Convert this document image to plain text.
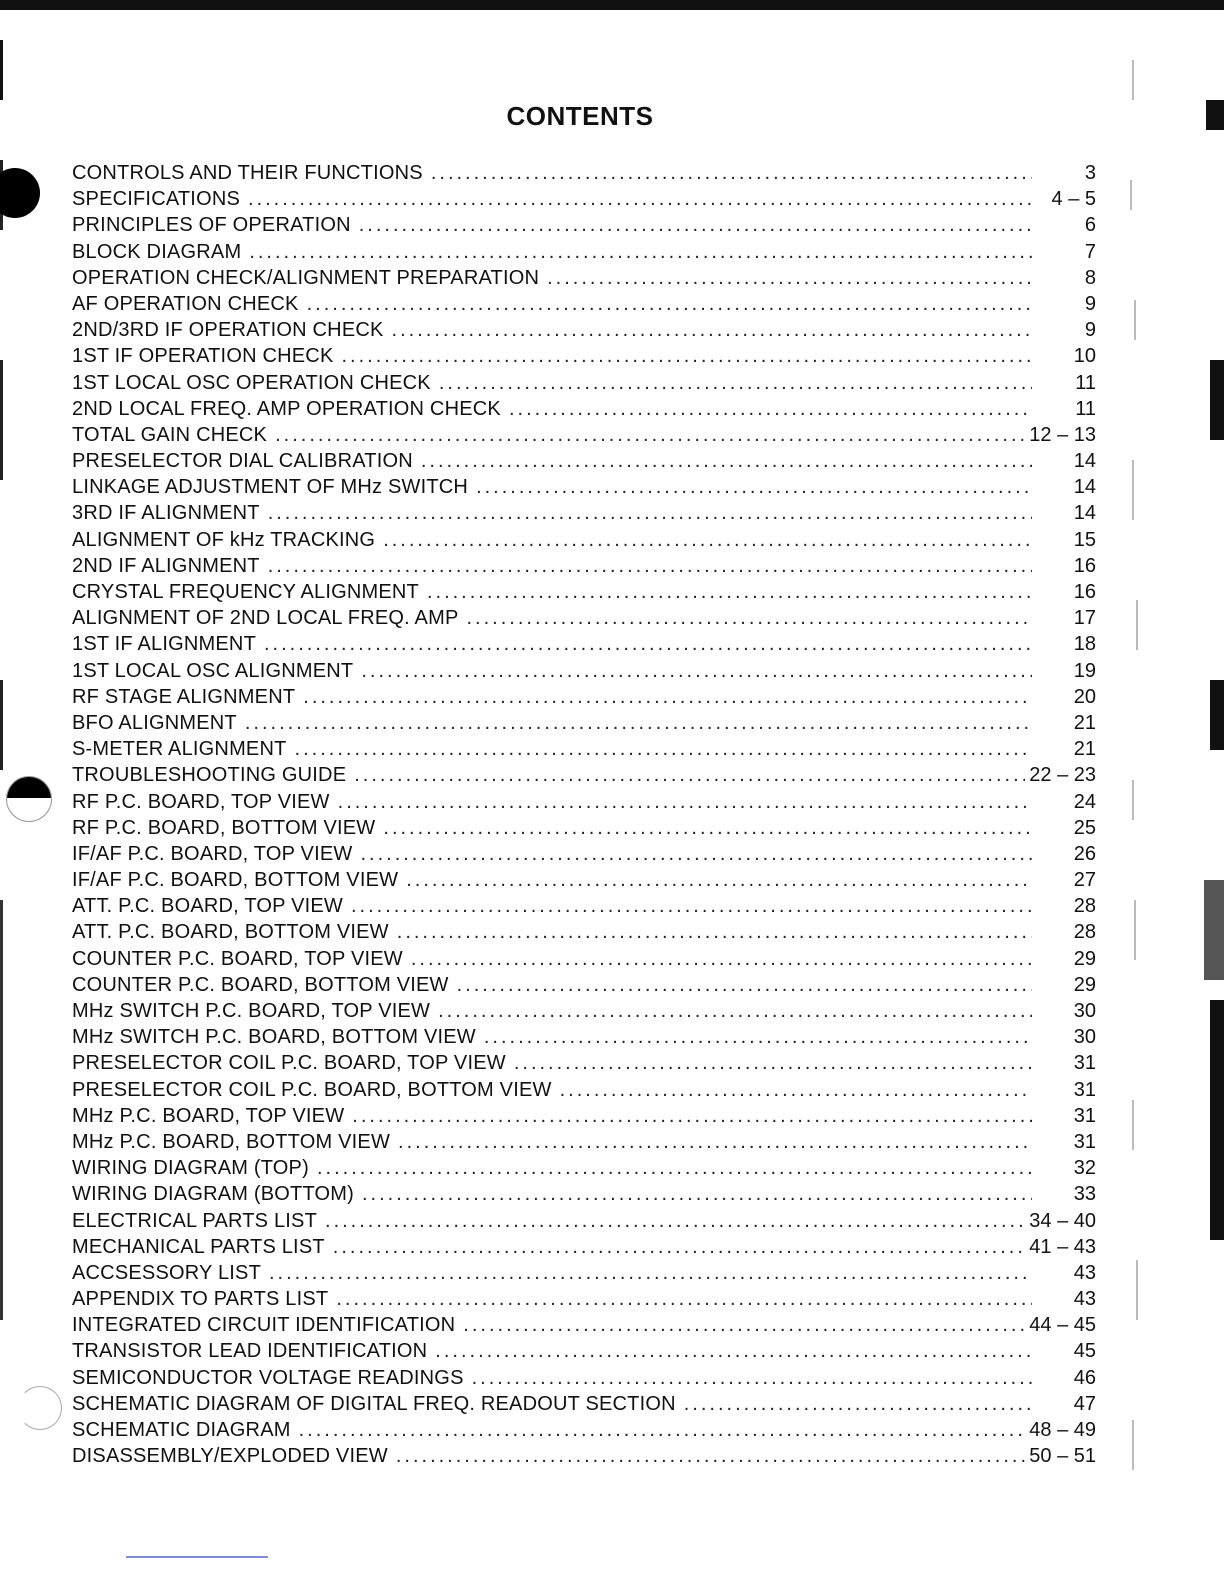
CONTENTS
CONTROLS AND THEIR FUNCTIONS .....	3
SPECIFICATIONS .....	4 – 5
PRINCIPLES OF OPERATION .....	6
BLOCK DIAGRAM .....	7
OPERATION CHECK/ALIGNMENT PREPARATION .....	8
AF OPERATION CHECK .....	9
2ND/3RD IF OPERATION CHECK .....	9
1ST IF OPERATION CHECK .....	10
1ST LOCAL OSC OPERATION CHECK .....	11
2ND LOCAL FREQ. AMP OPERATION CHECK .....	11
TOTAL GAIN CHECK .....	12 – 13
PRESELECTOR DIAL CALIBRATION .....	14
LINKAGE ADJUSTMENT OF MHz SWITCH .....	14
3RD IF ALIGNMENT .....	14
ALIGNMENT OF kHz TRACKING .....	15
2ND IF ALIGNMENT .....	16
CRYSTAL FREQUENCY ALIGNMENT .....	16
ALIGNMENT OF 2ND LOCAL FREQ. AMP .....	17
1ST IF ALIGNMENT .....	18
1ST LOCAL OSC ALIGNMENT .....	19
RF STAGE ALIGNMENT .....	20
BFO ALIGNMENT .....	21
S-METER ALIGNMENT .....	21
TROUBLESHOOTING GUIDE .....	22 – 23
RF P.C. BOARD, TOP VIEW .....	24
RF P.C. BOARD, BOTTOM VIEW .....	25
IF/AF P.C. BOARD, TOP VIEW .....	26
IF/AF P.C. BOARD, BOTTOM VIEW .....	27
ATT. P.C. BOARD, TOP VIEW .....	28
ATT. P.C. BOARD, BOTTOM VIEW .....	28
COUNTER P.C. BOARD, TOP VIEW .....	29
COUNTER P.C. BOARD, BOTTOM VIEW .....	29
MHz SWITCH P.C. BOARD, TOP VIEW .....	30
MHz SWITCH P.C. BOARD, BOTTOM VIEW .....	30
PRESELECTOR COIL P.C. BOARD, TOP VIEW .....	31
PRESELECTOR COIL P.C. BOARD, BOTTOM VIEW .....	31
MHz P.C. BOARD, TOP VIEW .....	31
MHz P.C. BOARD, BOTTOM VIEW .....	31
WIRING DIAGRAM (TOP) .....	32
WIRING DIAGRAM (BOTTOM) .....	33
ELECTRICAL PARTS LIST .....	34 – 40
MECHANICAL PARTS LIST .....	41 – 43
ACCSESSORY LIST .....	43
APPENDIX TO PARTS LIST .....	43
INTEGRATED CIRCUIT IDENTIFICATION .....	44 – 45
TRANSISTOR LEAD IDENTIFICATION .....	45
SEMICONDUCTOR VOLTAGE READINGS .....	46
SCHEMATIC DIAGRAM OF DIGITAL FREQ. READOUT SECTION .....	47
SCHEMATIC DIAGRAM .....	48 – 49
DISASSEMBLY/EXPLODED VIEW .....	50 – 51
